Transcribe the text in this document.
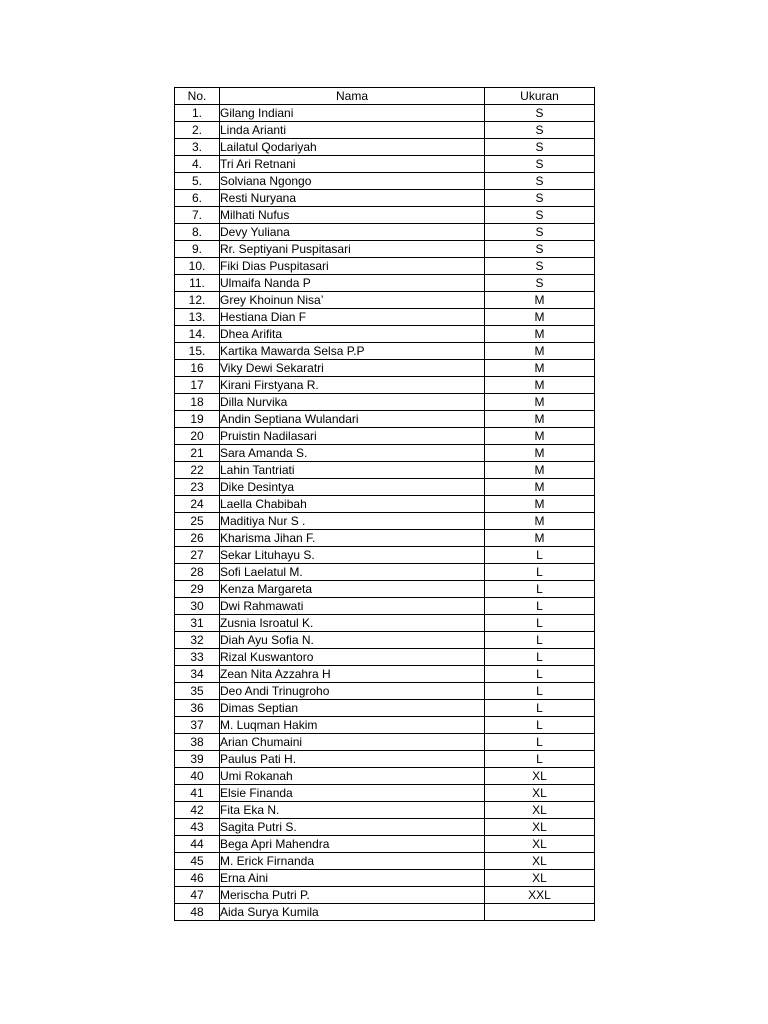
No.	Nama	Ukuran
1.	Gilang Indiani	S
2.	Linda Arianti	S
3.	Lailatul Qodariyah	S
4.	Tri Ari Retnani	S
5.	Solviana Ngongo	S
6.	Resti Nuryana	S
7.	Milhati Nufus	S
8.	Devy Yuliana	S
9.	Rr. Septiyani Puspitasari	S
10.	Fiki Dias Puspitasari	S
11.	Ulmaifa Nanda P	S
12.	Grey Khoinun Nisa’	M
13.	Hestiana Dian F	M
14.	Dhea Arifita	M
15.	Kartika Mawarda Selsa P.P	M
16	Viky Dewi Sekaratri	M
17	Kirani Firstyana R.	M
18	Dilla Nurvika	M
19	Andin Septiana Wulandari	M
20	Pruistin Nadilasari	M
21	Sara Amanda S.	M
22	Lahin Tantriati	M
23	Dike Desintya	M
24	Laella Chabibah	M
25	Maditiya Nur S .	M
26	Kharisma Jihan F.	M
27	Sekar Lituhayu S.	L
28	Sofi Laelatul M.	L
29	Kenza Margareta	L
30	Dwi Rahmawati	L
31	Zusnia Isroatul K.	L
32	Diah Ayu Sofia N.	L
33	Rizal Kuswantoro	L
34	Zean Nita Azzahra H	L
35	Deo Andi Trinugroho	L
36	Dimas Septian	L
37	M. Luqman Hakim	L
38	Arian Chumaini	L
39	Paulus Pati H.	L
40	Umi Rokanah	XL
41	Elsie Finanda	XL
42	Fita Eka N.	XL
43	Sagita Putri S.	XL
44	Bega Apri Mahendra	XL
45	M. Erick Firnanda	XL
46	Erna Aini	XL
47	Merischa Putri P.	XXL
48	Aida Surya Kumila	
